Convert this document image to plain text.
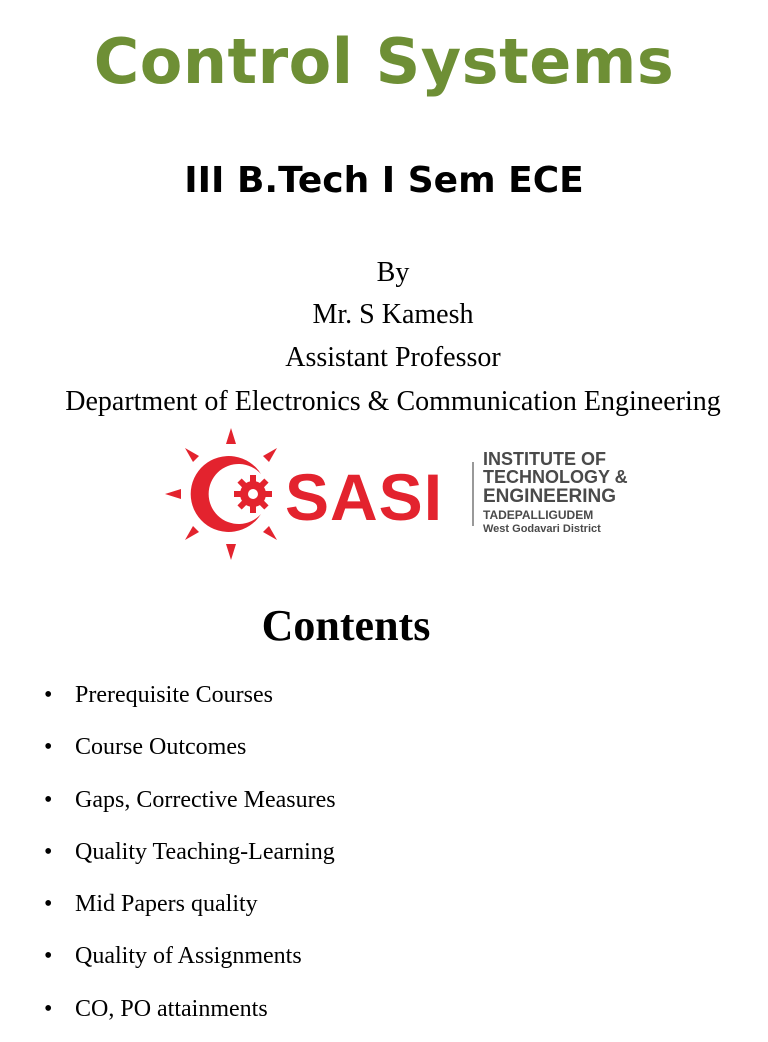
Control Systems
III B.Tech I Sem ECE
By
Mr. S Kamesh
Assistant Professor
Department of Electronics & Communication Engineering
SASI
INSTITUTE OF
TECHNOLOGY &
ENGINEERING
TADEPALLIGUDEM
West Godavari District
Contents
• Prerequisite Courses
• Course Outcomes
• Gaps, Corrective Measures
• Quality Teaching-Learning
• Mid Papers quality
• Quality of Assignments
• CO, PO attainments
